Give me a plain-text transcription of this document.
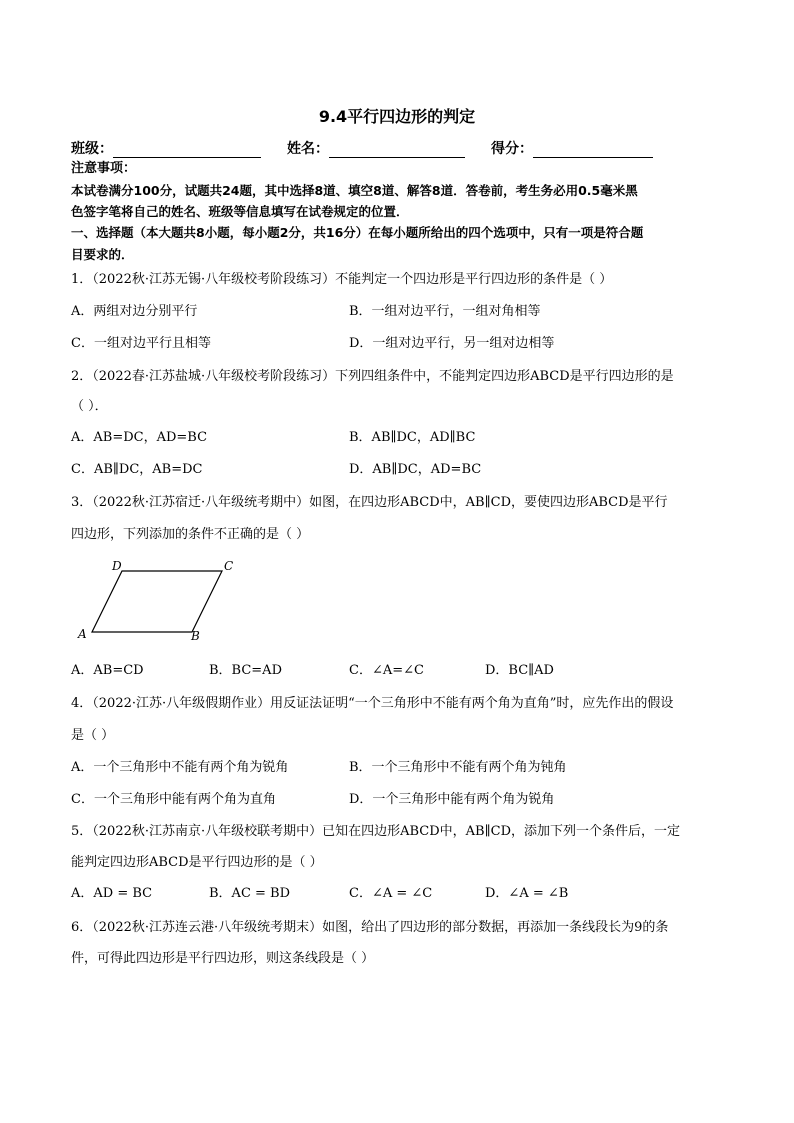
9.4平行四边形的判定
班级：	姓名：	得分：
注意事项：
本试卷满分100分，试题共24题，其中选择8道、填空8道、解答8道．答卷前，考生务必用0.5毫米黑
色签字笔将自己的姓名、班级等信息填写在试卷规定的位置．
一、选择题（本大题共8小题，每小题2分，共16分）在每小题所给出的四个选项中，只有一项是符合题
目要求的．
1．（2022秋·江苏无锡·八年级校考阶段练习）不能判定一个四边形是平行四边形的条件是（ ）
A．两组对边分别平行	B．一组对边平行，一组对角相等
C．一组对边平行且相等	D．一组对边平行，另一组对边相等
2．（2022春·江苏盐城·八年级校考阶段练习）下列四组条件中，不能判定四边形ABCD是平行四边形的是
（ ）．
A．AB=DC，AD=BC	B．AB∥DC，AD∥BC
C．AB∥DC，AB=DC	D．AB∥DC，AD=BC
3．（2022秋·江苏宿迁·八年级统考期中）如图，在四边形ABCD中，AB∥CD，要使四边形ABCD是平行
四边形，下列添加的条件不正确的是（ ）
D	C
A	B
A．AB=CD	B．BC=AD	C．∠A=∠C	D．BC∥AD
4．（2022·江苏·八年级假期作业）用反证法证明“一个三角形中不能有两个角为直角”时，应先作出的假设
是（ ）
A．一个三角形中不能有两个角为锐角	B．一个三角形中不能有两个角为钝角
C．一个三角形中能有两个角为直角	D．一个三角形中能有两个角为锐角
5．（2022秋·江苏南京·八年级校联考期中）已知在四边形ABCD中，AB∥CD，添加下列一个条件后，一定
能判定四边形ABCD是平行四边形的是（ ）
A．AD = BC	B．AC = BD	C．∠A = ∠C	D．∠A = ∠B
6．（2022秋·江苏连云港·八年级统考期末）如图，给出了四边形的部分数据，再添加一条线段长为9的条
件，可得此四边形是平行四边形，则这条线段是（ ）
